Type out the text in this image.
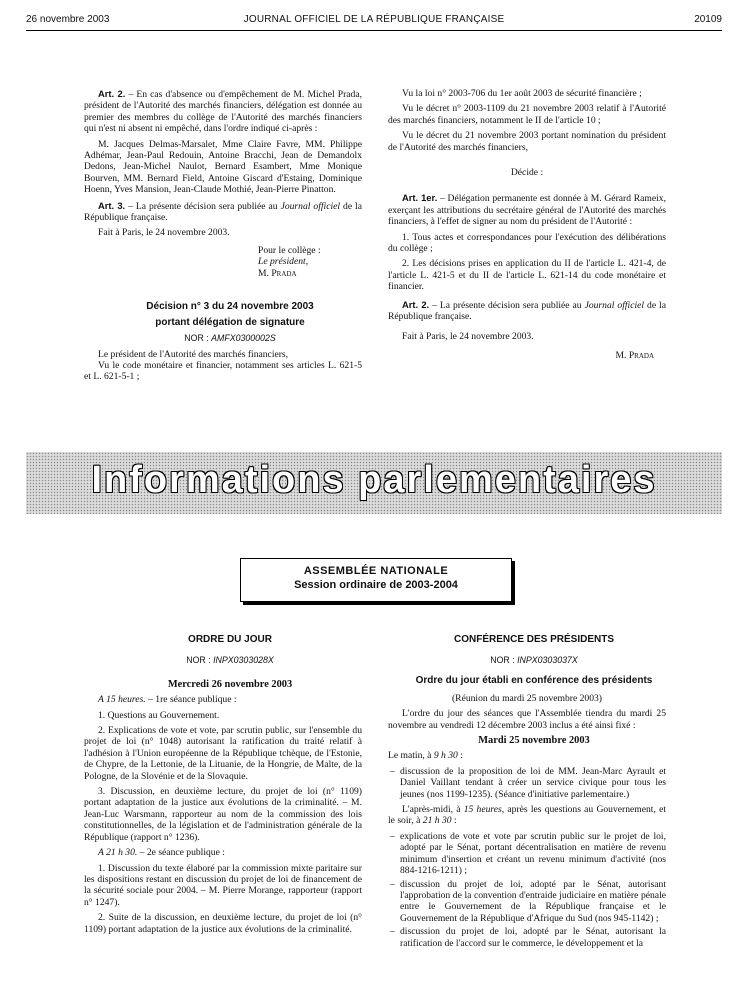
26 novembre 2003	JOURNAL OFFICIEL DE LA RÉPUBLIQUE FRANÇAISE	20109

Art. 2. – En cas d'absence ou d'empêchement de M. Michel Prada, président de l'Autorité des marchés financiers, délégation est donnée au premier des membres du collège de l'Autorité des marchés financiers qui n'est ni absent ni empêché, dans l'ordre indiqué ci-après :

M. Jacques Delmas-Marsalet, Mme Claire Favre, MM. Philippe Adhémar, Jean-Paul Redouin, Antoine Bracchi, Jean de Demandolx Dedons, Jean-Michel Naulot, Bernard Esambert, Mme Monique Bourven, MM. Bernard Field, Antoine Giscard d'Estaing, Dominique Hoenn, Yves Mansion, Jean-Claude Mothié, Jean-Pierre Pinatton.

Art. 3. – La présente décision sera publiée au Journal officiel de la République française.

Fait à Paris, le 24 novembre 2003.

Pour le collège :
Le président,
M. Prada

Décision n° 3 du 24 novembre 2003

portant délégation de signature

NOR : AMFX0300002S

Le président de l'Autorité des marchés financiers,

Vu le code monétaire et financier, notamment ses articles L. 621-5 et L. 621-5-1 ;

Vu la loi n° 2003-706 du 1er août 2003 de sécurité financière ;

Vu le décret n° 2003-1109 du 21 novembre 2003 relatif à l'Autorité des marchés financiers, notamment le II de l'article 10 ;

Vu le décret du 21 novembre 2003 portant nomination du président de l'Autorité des marchés financiers,

Décide :

Art. 1er. – Délégation permanente est donnée à M. Gérard Rameix, exerçant les attributions du secrétaire général de l'Autorité des marchés financiers, à l'effet de signer au nom du président de l'Autorité :

1. Tous actes et correspondances pour l'exécution des délibérations du collège ;

2. Les décisions prises en application du II de l'article L. 421-4, de l'article L. 421-5 et du II de l'article L. 621-14 du code monétaire et financier.

Art. 2. – La présente décision sera publiée au Journal officiel de la République française.

Fait à Paris, le 24 novembre 2003.

M. Prada

Informations parlementaires
ASSEMBLÉE NATIONALE
Session ordinaire de 2003-2004

ORDRE DU JOUR

NOR : INPX0303028X

Mercredi 26 novembre 2003

A 15 heures. – 1re séance publique :

1. Questions au Gouvernement.

2. Explications de vote et vote, par scrutin public, sur l'ensemble du projet de loi (n° 1048) autorisant la ratification du traité relatif à l'adhésion à l'Union européenne de la République tchèque, de l'Estonie, de Chypre, de la Lettonie, de la Lituanie, de la Hongrie, de Malte, de la Pologne, de la Slovénie et de la Slovaquie.

3. Discussion, en deuxième lecture, du projet de loi (n° 1109) portant adaptation de la justice aux évolutions de la criminalité. – M. Jean-Luc Warsmann, rapporteur au nom de la commission des lois constitutionnelles, de la législation et de l'administration générale de la République (rapport n° 1236).

A 21 h 30. – 2e séance publique :

1. Discussion du texte élaboré par la commission mixte paritaire sur les dispositions restant en discussion du projet de loi de financement de la sécurité sociale pour 2004. – M. Pierre Morange, rapporteur (rapport n° 1247).

2. Suite de la discussion, en deuxième lecture, du projet de loi (n° 1109) portant adaptation de la justice aux évolutions de la criminalité.

CONFÉRENCE DES PRÉSIDENTS

NOR : INPX0303037X

Ordre du jour établi en conférence des présidents

(Réunion du mardi 25 novembre 2003)

L'ordre du jour des séances que l'Assemblée tiendra du mardi 25 novembre au vendredi 12 décembre 2003 inclus a été ainsi fixé :

Mardi 25 novembre 2003

Le matin, à 9 h 30 :

– discussion de la proposition de loi de MM. Jean-Marc Ayrault et Daniel Vaillant tendant à créer un service civique pour tous les jeunes (nos 1199-1235). (Séance d'initiative parlementaire.)

L'après-midi, à 15 heures, après les questions au Gouvernement, et le soir, à 21 h 30 :

– explications de vote et vote par scrutin public sur le projet de loi, adopté par le Sénat, portant décentralisation en matière de revenu minimum d'insertion et créant un revenu minimum d'activité (nos 884-1216-1211) ;
– discussion du projet de loi, adopté par le Sénat, autorisant l'approbation de la convention d'entraide judiciaire en matière pénale entre le Gouvernement de la République française et le Gouvernement de la République d'Afrique du Sud (nos 945-1142) ;
– discussion du projet de loi, adopté par le Sénat, autorisant la ratification de l'accord sur le commerce, le développement et la
